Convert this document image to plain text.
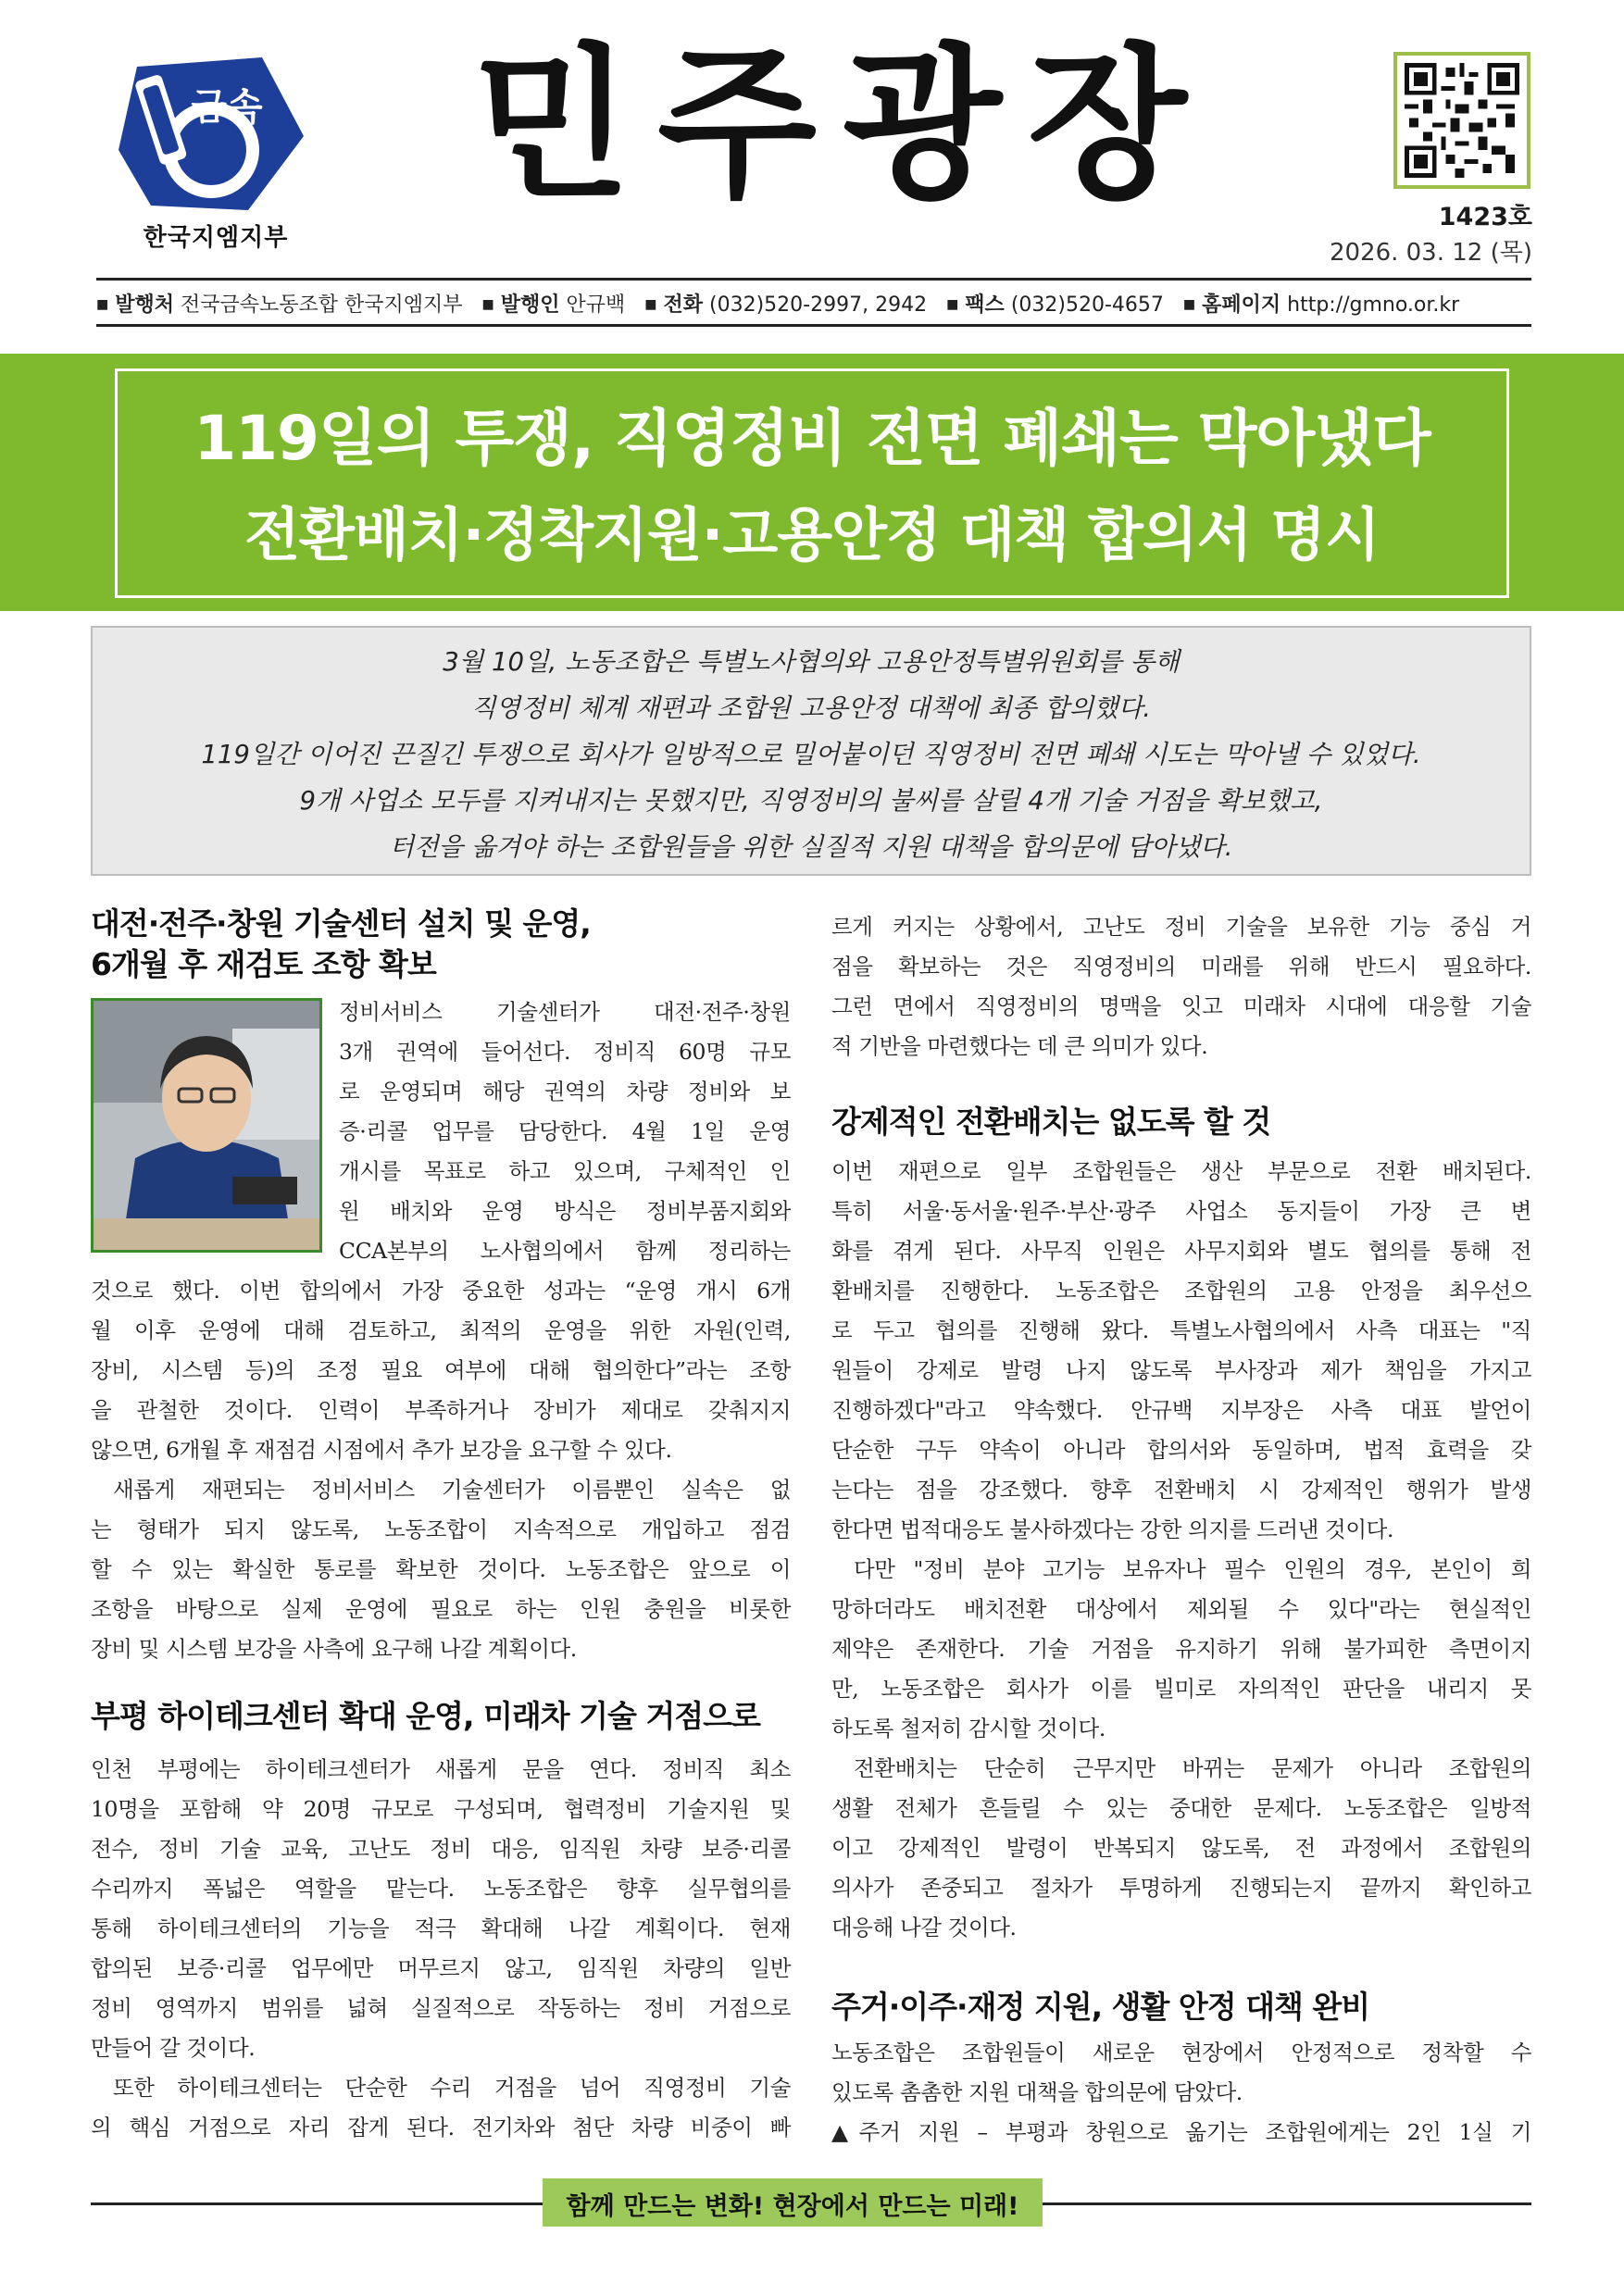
금속
한국지엠지부
민주광장	1423호
2026. 03. 12 (목)
■ 발행처 전국금속노동조합 한국지엠지부 ■ 발행인 안규백 ■ 전화 (032)520-2997, 2942 ■ 팩스 (032)520-4657 ■ 홈페이지 http://gmno.or.kr
119일의 투쟁, 직영정비 전면 폐쇄는 막아냈다
전환배치·정착지원·고용안정 대책 합의서 명시
3월 10일, 노동조합은 특별노사협의와 고용안정특별위원회를 통해
직영정비 체계 재편과 조합원 고용안정 대책에 최종 합의했다.
119일간 이어진 끈질긴 투쟁으로 회사가 일방적으로 밀어붙이던 직영정비 전면 폐쇄 시도는 막아낼 수 있었다.
9개 사업소 모두를 지켜내지는 못했지만, 직영정비의 불씨를 살릴 4개 기술 거점을 확보했고,
터전을 옮겨야 하는 조합원들을 위한 실질적 지원 대책을 합의문에 담아냈다.
대전·전주·창원 기술센터 설치 및 운영,
6개월 후 재검토 조항 확보
정비서비스 기술센터가 대전·전주·창원
3개 권역에 들어선다. 정비직 60명 규모
로 운영되며 해당 권역의 차량 정비와 보
증·리콜 업무를 담당한다. 4월 1일 운영
개시를 목표로 하고 있으며, 구체적인 인
원 배치와 운영 방식은 정비부품지회와
CCA본부의 노사협의에서 함께 정리하는
것으로 했다. 이번 합의에서 가장 중요한 성과는 “운영 개시 6개
월 이후 운영에 대해 검토하고, 최적의 운영을 위한 자원(인력,
장비, 시스템 등)의 조정 필요 여부에 대해 협의한다”라는 조항
을 관철한 것이다. 인력이 부족하거나 장비가 제대로 갖춰지지
않으면, 6개월 후 재점검 시점에서 추가 보강을 요구할 수 있다.
새롭게 재편되는 정비서비스 기술센터가 이름뿐인 실속은 없
는 형태가 되지 않도록, 노동조합이 지속적으로 개입하고 점검
할 수 있는 확실한 통로를 확보한 것이다. 노동조합은 앞으로 이
조항을 바탕으로 실제 운영에 필요로 하는 인원 충원을 비롯한
장비 및 시스템 보강을 사측에 요구해 나갈 계획이다.
부평 하이테크센터 확대 운영, 미래차 기술 거점으로
인천 부평에는 하이테크센터가 새롭게 문을 연다. 정비직 최소
10명을 포함해 약 20명 규모로 구성되며, 협력정비 기술지원 및
전수, 정비 기술 교육, 고난도 정비 대응, 임직원 차량 보증·리콜
수리까지 폭넓은 역할을 맡는다. 노동조합은 향후 실무협의를
통해 하이테크센터의 기능을 적극 확대해 나갈 계획이다. 현재
합의된 보증·리콜 업무에만 머무르지 않고, 임직원 차량의 일반
정비 영역까지 범위를 넓혀 실질적으로 작동하는 정비 거점으로
만들어 갈 것이다.
또한 하이테크센터는 단순한 수리 거점을 넘어 직영정비 기술
의 핵심 거점으로 자리 잡게 된다. 전기차와 첨단 차량 비중이 빠
르게 커지는 상황에서, 고난도 정비 기술을 보유한 기능 중심 거
점을 확보하는 것은 직영정비의 미래를 위해 반드시 필요하다.
그런 면에서 직영정비의 명맥을 잇고 미래차 시대에 대응할 기술
적 기반을 마련했다는 데 큰 의미가 있다.
강제적인 전환배치는 없도록 할 것
이번 재편으로 일부 조합원들은 생산 부문으로 전환 배치된다.
특히 서울·동서울·원주·부산·광주 사업소 동지들이 가장 큰 변
화를 겪게 된다. 사무직 인원은 사무지회와 별도 협의를 통해 전
환배치를 진행한다. 노동조합은 조합원의 고용 안정을 최우선으
로 두고 협의를 진행해 왔다. 특별노사협의에서 사측 대표는 "직
원들이 강제로 발령 나지 않도록 부사장과 제가 책임을 가지고
진행하겠다"라고 약속했다. 안규백 지부장은 사측 대표 발언이
단순한 구두 약속이 아니라 합의서와 동일하며, 법적 효력을 갖
는다는 점을 강조했다. 향후 전환배치 시 강제적인 행위가 발생
한다면 법적대응도 불사하겠다는 강한 의지를 드러낸 것이다.
다만 "정비 분야 고기능 보유자나 필수 인원의 경우, 본인이 희
망하더라도 배치전환 대상에서 제외될 수 있다"라는 현실적인
제약은 존재한다. 기술 거점을 유지하기 위해 불가피한 측면이지
만, 노동조합은 회사가 이를 빌미로 자의적인 판단을 내리지 못
하도록 철저히 감시할 것이다.
전환배치는 단순히 근무지만 바뀌는 문제가 아니라 조합원의
생활 전체가 흔들릴 수 있는 중대한 문제다. 노동조합은 일방적
이고 강제적인 발령이 반복되지 않도록, 전 과정에서 조합원의
의사가 존중되고 절차가 투명하게 진행되는지 끝까지 확인하고
대응해 나갈 것이다.
주거·이주·재정 지원, 생활 안정 대책 완비
노동조합은 조합원들이 새로운 현장에서 안정적으로 정착할 수
있도록 촘촘한 지원 대책을 합의문에 담았다.
▲주거 지원 – 부평과 창원으로 옮기는 조합원에게는 2인 1실 기
함께 만드는 변화! 현장에서 만드는 미래!
